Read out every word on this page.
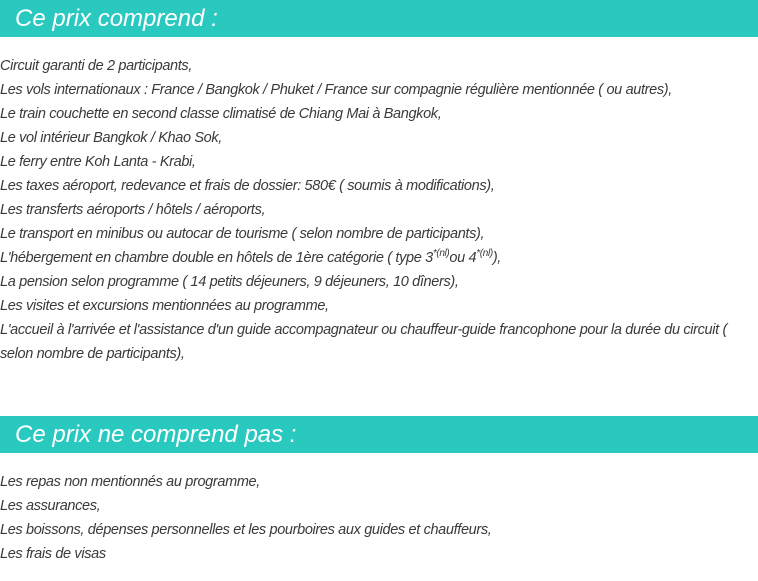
Ce prix comprend :
Circuit garanti de 2 participants,
Les vols internationaux : France / Bangkok / Phuket / France sur compagnie régulière mentionnée ( ou autres),
Le train couchette en second classe climatisé de Chiang Mai à Bangkok,
Le vol intérieur Bangkok / Khao Sok,
Le ferry entre Koh Lanta - Krabi,
Les taxes aéroport, redevance et frais de dossier: 580€ ( soumis à modifications),
Les transferts aéroports / hôtels / aéroports,
Le transport en minibus ou autocar de tourisme ( selon nombre de participants),
L'hébergement en chambre double en hôtels de 1ère catégorie ( type $3^{*(nl)}ou$ $4^{*(nl)}$),
La pension selon programme ( 14 petits déjeuners, 9 déjeuners, 10 dîners),
Les visites et excursions mentionnées au programme,
L'accueil à l'arrivée et l'assistance d'un guide accompagnateur ou chauffeur-guide francophone pour la durée du circuit ( selon nombre de participants),
Ce prix ne comprend pas :
Les repas non mentionnés au programme,
Les assurances,
Les boissons, dépenses personnelles et les pourboires aux guides et chauffeurs,
Les frais de visas
